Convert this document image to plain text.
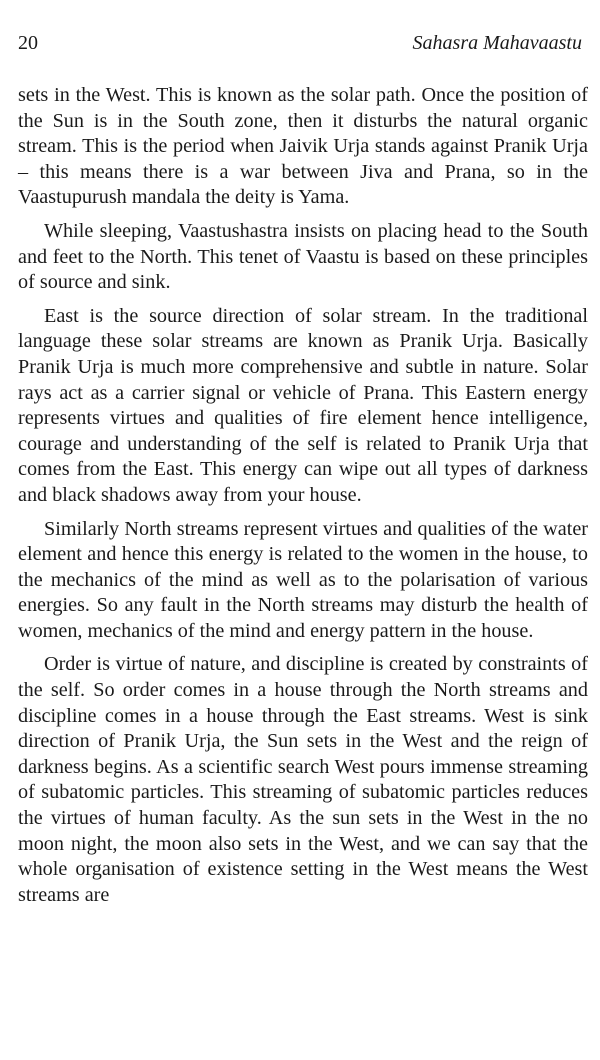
20	Sahasra Mahavaastu

sets in the West. This is known as the solar path. Once the position of the Sun is in the South zone, then it disturbs the natural organic stream. This is the period when Jaivik Urja stands against Pranik Urja – this means there is a war between Jiva and Prana, so in the Vaastupurush mandala the deity is Yama.

While sleeping, Vaastushastra insists on placing head to the South and feet to the North. This tenet of Vaastu is based on these principles of source and sink.

East is the source direction of solar stream. In the traditional language these solar streams are known as Pranik Urja. Basically Pranik Urja is much more comprehensive and subtle in nature. Solar rays act as a carrier signal or vehicle of Prana. This Eastern energy represents virtues and qualities of fire element hence intelligence, courage and understanding of the self is related to Pranik Urja that comes from the East. This energy can wipe out all types of darkness and black shadows away from your house.

Similarly North streams represent virtues and qualities of the water element and hence this energy is related to the women in the house, to the mechanics of the mind as well as to the polarisation of various energies. So any fault in the North streams may disturb the health of women, mechanics of the mind and energy pattern in the house.

Order is virtue of nature, and discipline is created by constraints of the self. So order comes in a house through the North streams and discipline comes in a house through the East streams. West is sink direction of Pranik Urja, the Sun sets in the West and the reign of darkness begins. As a scientific search West pours immense streaming of subatomic particles. This streaming of subatomic particles reduces the virtues of human faculty. As the sun sets in the West in the no moon night, the moon also sets in the West, and we can say that the whole organisation of existence setting in the West means the West streams are
